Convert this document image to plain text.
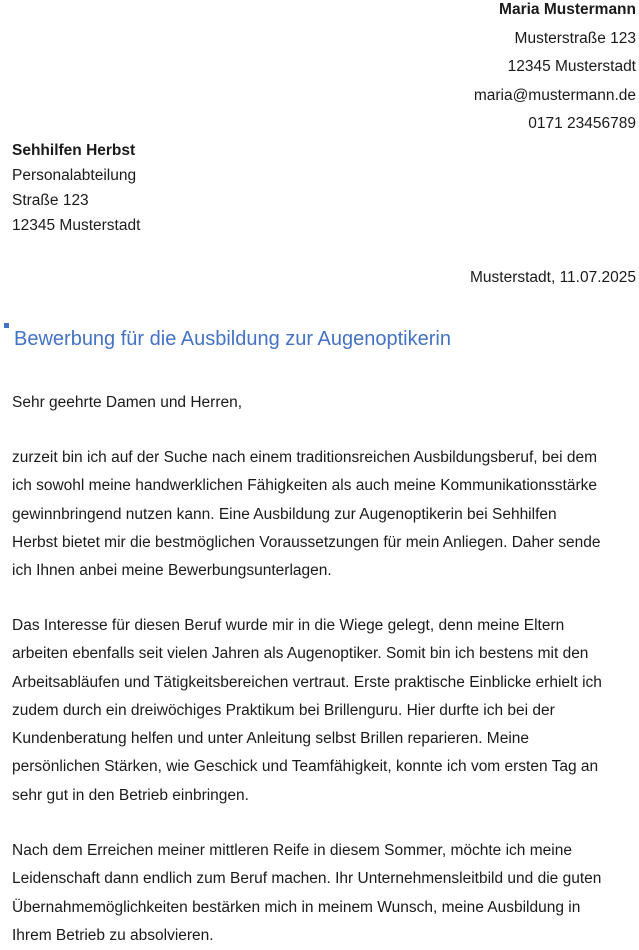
Maria Mustermann
Musterstraße 123
12345 Musterstadt
maria@mustermann.de
0171 23456789
Sehhilfen Herbst
Personalabteilung
Straße 123
12345 Musterstadt
Musterstadt, 11.07.2025
Bewerbung für die Ausbildung zur Augenoptikerin
Sehr geehrte Damen und Herren,
zurzeit bin ich auf der Suche nach einem traditionsreichen Ausbildungsberuf, bei dem
ich sowohl meine handwerklichen Fähigkeiten als auch meine Kommunikationsstärke
gewinnbringend nutzen kann. Eine Ausbildung zur Augenoptikerin bei Sehhilfen
Herbst bietet mir die bestmöglichen Voraussetzungen für mein Anliegen. Daher sende
ich Ihnen anbei meine Bewerbungsunterlagen.
Das Interesse für diesen Beruf wurde mir in die Wiege gelegt, denn meine Eltern
arbeiten ebenfalls seit vielen Jahren als Augenoptiker. Somit bin ich bestens mit den
Arbeitsabläufen und Tätigkeitsbereichen vertraut. Erste praktische Einblicke erhielt ich
zudem durch ein dreiwöchiges Praktikum bei Brillenguru. Hier durfte ich bei der
Kundenberatung helfen und unter Anleitung selbst Brillen reparieren. Meine
persönlichen Stärken, wie Geschick und Teamfähigkeit, konnte ich vom ersten Tag an
sehr gut in den Betrieb einbringen.
Nach dem Erreichen meiner mittleren Reife in diesem Sommer, möchte ich meine
Leidenschaft dann endlich zum Beruf machen. Ihr Unternehmensleitbild und die guten
Übernahmemöglichkeiten bestärken mich in meinem Wunsch, meine Ausbildung in
Ihrem Betrieb zu absolvieren.
